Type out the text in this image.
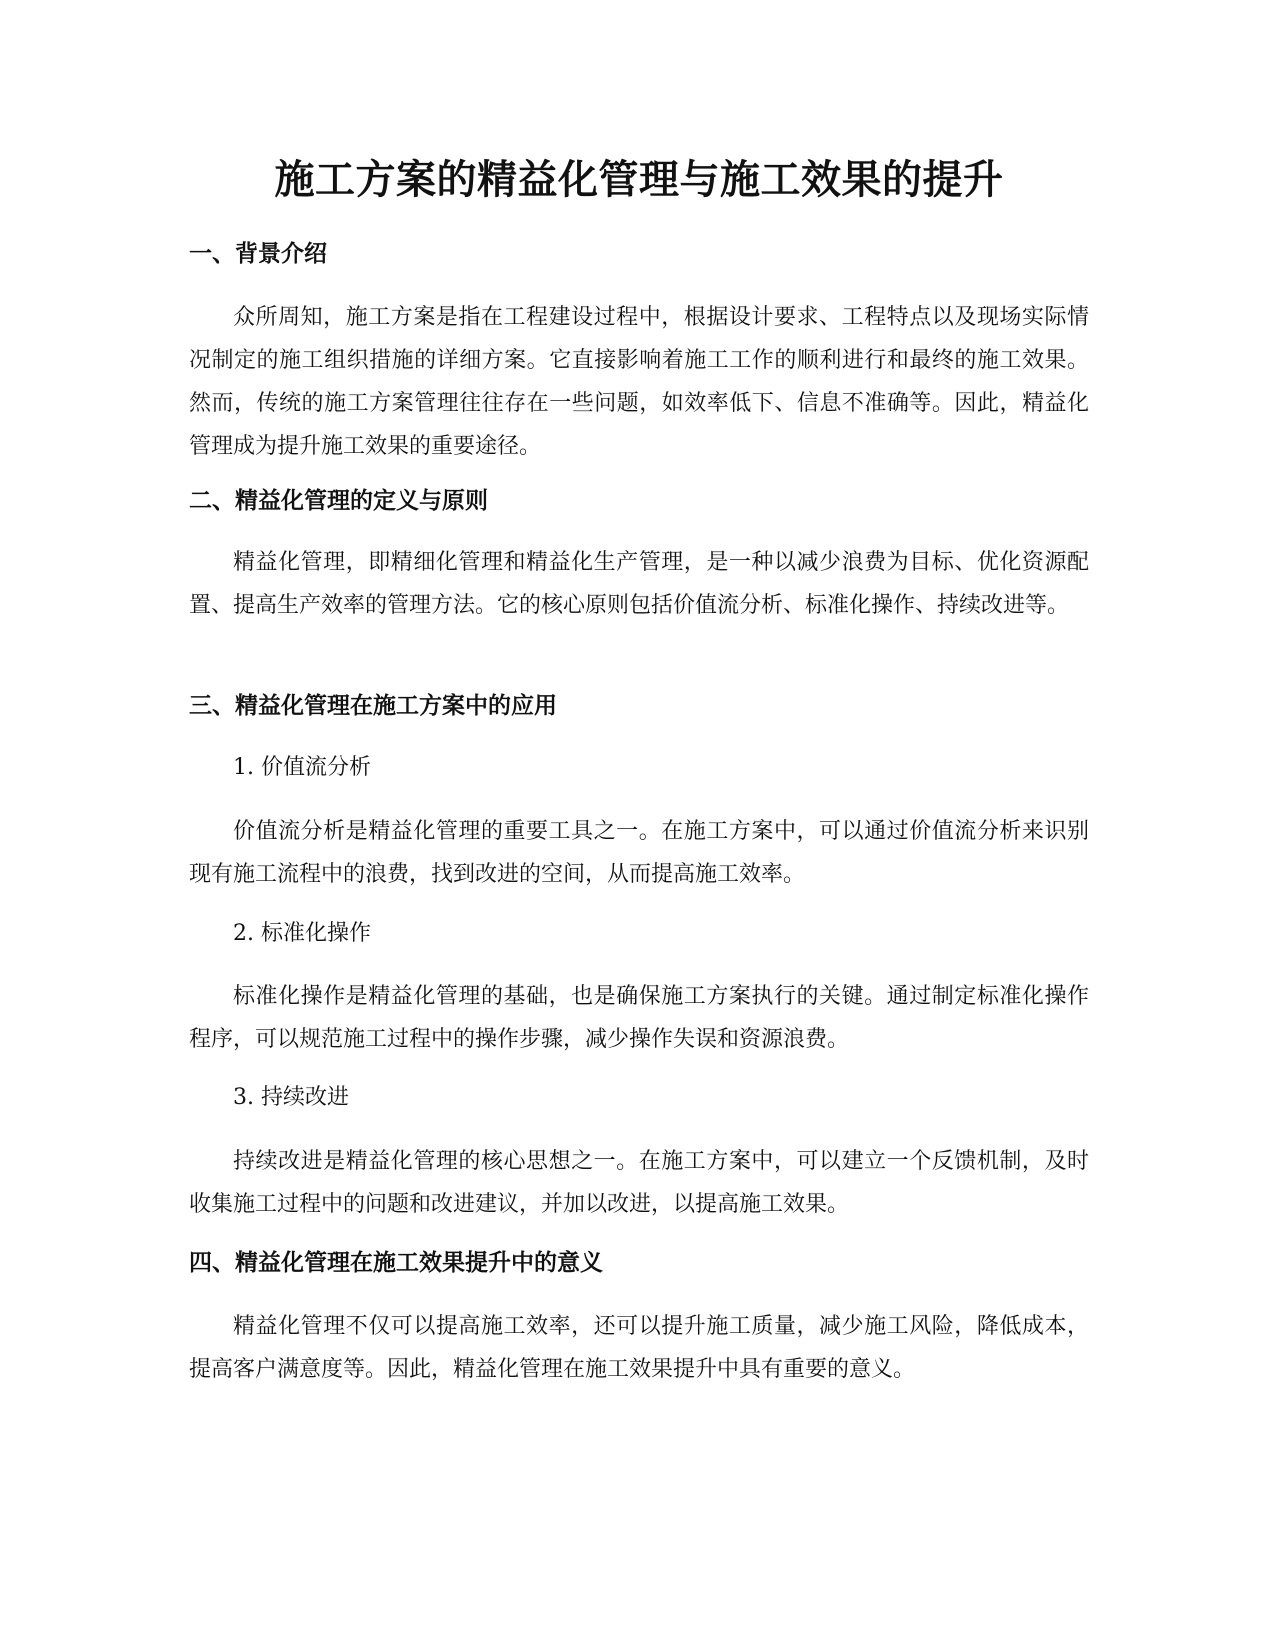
施工方案的精益化管理与施工效果的提升
一、背景介绍

众所周知，施工方案是指在工程建设过程中，根据设计要求、工程特点以及现场实际情况制定的施工组织措施的详细方案。它直接影响着施工工作的顺利进行和最终的施工效果。然而，传统的施工方案管理往往存在一些问题，如效率低下、信息不准确等。因此，精益化管理成为提升施工效果的重要途径。

二、精益化管理的定义与原则

精益化管理，即精细化管理和精益化生产管理，是一种以减少浪费为目标、优化资源配置、提高生产效率的管理方法。它的核心原则包括价值流分析、标准化操作、持续改进等。

三、精益化管理在施工方案中的应用

1. 价值流分析

价值流分析是精益化管理的重要工具之一。在施工方案中，可以通过价值流分析来识别现有施工流程中的浪费，找到改进的空间，从而提高施工效率。

2. 标准化操作

标准化操作是精益化管理的基础，也是确保施工方案执行的关键。通过制定标准化操作程序，可以规范施工过程中的操作步骤，减少操作失误和资源浪费。

3. 持续改进

持续改进是精益化管理的核心思想之一。在施工方案中，可以建立一个反馈机制，及时收集施工过程中的问题和改进建议，并加以改进，以提高施工效果。

四、精益化管理在施工效果提升中的意义

精益化管理不仅可以提高施工效率，还可以提升施工质量，减少施工风险，降低成本，提高客户满意度等。因此，精益化管理在施工效果提升中具有重要的意义。
